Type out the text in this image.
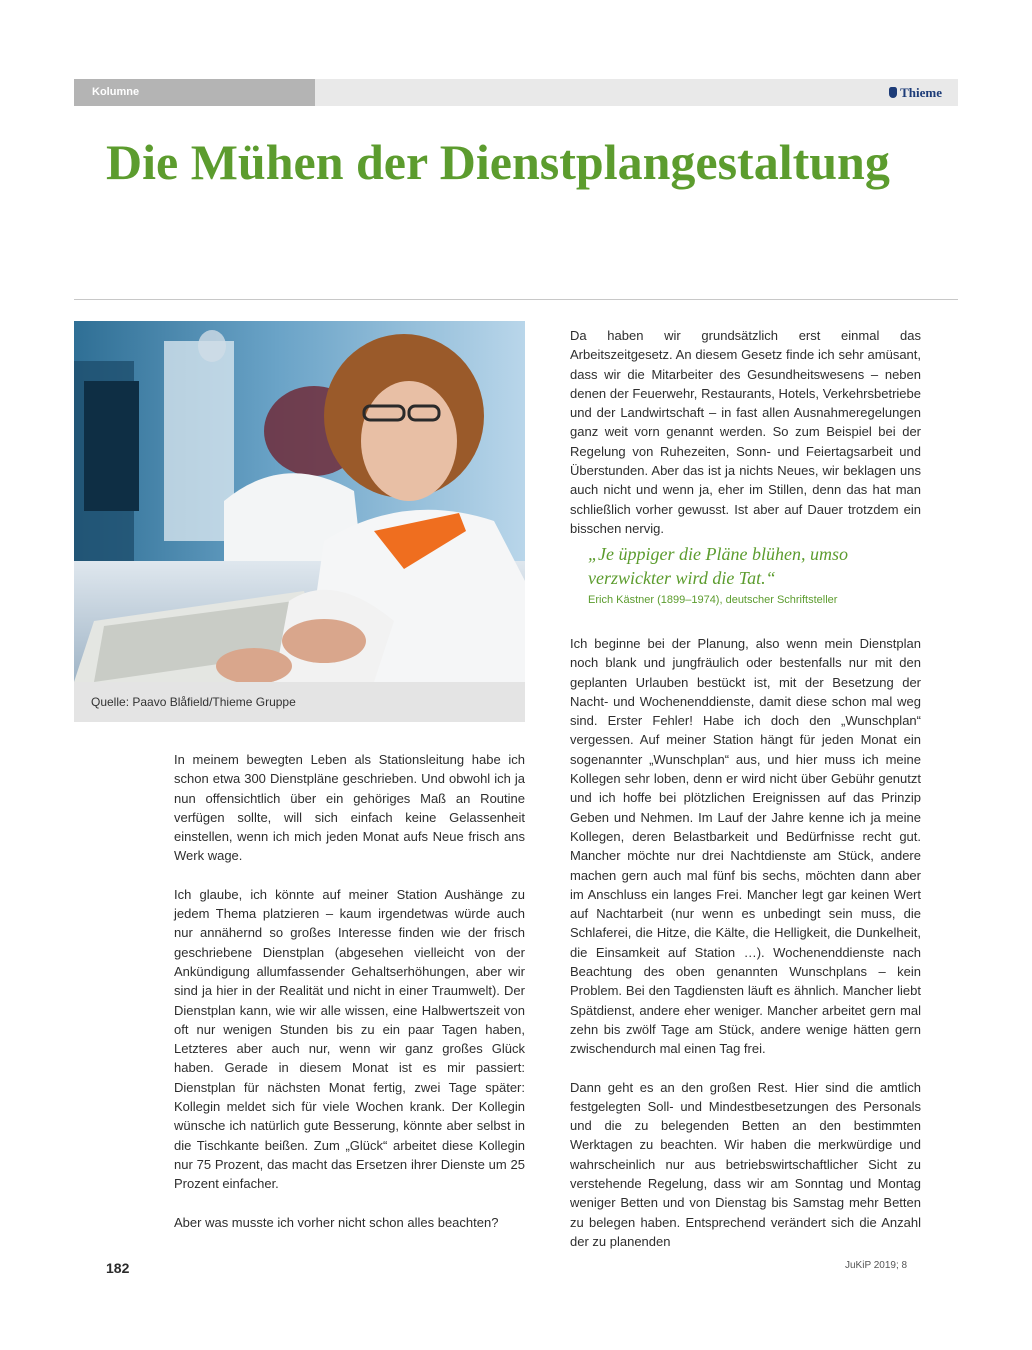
Kolumne	Thieme
Die Mühen der Dienstplangestaltung
Quelle: Paavo Blåfield/Thieme Gruppe

In meinem bewegten Leben als Stationsleitung habe ich schon etwa 300 Dienstpläne geschrieben. Und obwohl ich ja nun offensichtlich über ein gehöriges Maß an Routine verfügen sollte, will sich einfach keine Gelassenheit einstellen, wenn ich mich jeden Monat aufs Neue frisch ans Werk wage.

Ich glaube, ich könnte auf meiner Station Aushänge zu jedem Thema platzieren – kaum irgendetwas würde auch nur annähernd so großes Interesse finden wie der frisch geschriebene Dienstplan (abgesehen vielleicht von der Ankündigung allumfassender Gehaltserhöhungen, aber wir sind ja hier in der Realität und nicht in einer Traumwelt). Der Dienstplan kann, wie wir alle wissen, eine Halbwertszeit von oft nur wenigen Stunden bis zu ein paar Tagen haben, Letzteres aber auch nur, wenn wir ganz großes Glück haben. Gerade in diesem Monat ist es mir passiert: Dienstplan für nächsten Monat fertig, zwei Tage später: Kollegin meldet sich für viele Wochen krank. Der Kollegin wünsche ich natürlich gute Besserung, könnte aber selbst in die Tischkante beißen. Zum „Glück“ arbeitet diese Kollegin nur 75 Prozent, das macht das Ersetzen ihrer Dienste um 25 Prozent einfacher.

Aber was musste ich vorher nicht schon alles beachten?

Da haben wir grundsätzlich erst einmal das Arbeitszeitgesetz. An diesem Gesetz finde ich sehr amüsant, dass wir die Mitarbeiter des Gesundheitswesens – neben denen der Feuerwehr, Restaurants, Hotels, Verkehrsbetriebe und der Landwirtschaft – in fast allen Ausnahmeregelungen ganz weit vorn genannt werden. So zum Beispiel bei der Regelung von Ruhezeiten, Sonn- und Feiertagsarbeit und Überstunden. Aber das ist ja nichts Neues, wir beklagen uns auch nicht und wenn ja, eher im Stillen, denn das hat man schließlich vorher gewusst. Ist aber auf Dauer trotzdem ein bisschen nervig.

„Je üppiger die Pläne blühen, umso verzwickter wird die Tat.“
Erich Kästner (1899–1974), deutscher Schriftsteller

Ich beginne bei der Planung, also wenn mein Dienstplan noch blank und jungfräulich oder bestenfalls nur mit den geplanten Urlauben bestückt ist, mit der Besetzung der Nacht- und Wochenenddienste, damit diese schon mal weg sind. Erster Fehler! Habe ich doch den „Wunschplan“ vergessen. Auf meiner Station hängt für jeden Monat ein sogenannter „Wunschplan“ aus, und hier muss ich meine Kollegen sehr loben, denn er wird nicht über Gebühr genutzt und ich hoffe bei plötzlichen Ereignissen auf das Prinzip Geben und Nehmen. Im Lauf der Jahre kenne ich ja meine Kollegen, deren Belastbarkeit und Bedürfnisse recht gut. Mancher möchte nur drei Nachtdienste am Stück, andere machen gern auch mal fünf bis sechs, möchten dann aber im Anschluss ein langes Frei. Mancher legt gar keinen Wert auf Nachtarbeit (nur wenn es unbedingt sein muss, die Schlaferei, die Hitze, die Kälte, die Helligkeit, die Dunkelheit, die Einsamkeit auf Station …). Wochenenddienste nach Beachtung des oben genannten Wunschplans – kein Problem. Bei den Tagdiensten läuft es ähnlich. Mancher liebt Spätdienst, andere eher weniger. Mancher arbeitet gern mal zehn bis zwölf Tage am Stück, andere wenige hätten gern zwischendurch mal einen Tag frei.

Dann geht es an den großen Rest. Hier sind die amtlich festgelegten Soll- und Mindestbesetzungen des Personals und die zu belegenden Betten an den bestimmten Werktagen zu beachten. Wir haben die merkwürdige und wahrscheinlich nur aus betriebswirtschaftlicher Sicht zu verstehende Regelung, dass wir am Sonntag und Montag weniger Betten und von Dienstag bis Samstag mehr Betten zu belegen haben. Entsprechend verändert sich die Anzahl der zu planenden

182	JuKiP 2019; 8
